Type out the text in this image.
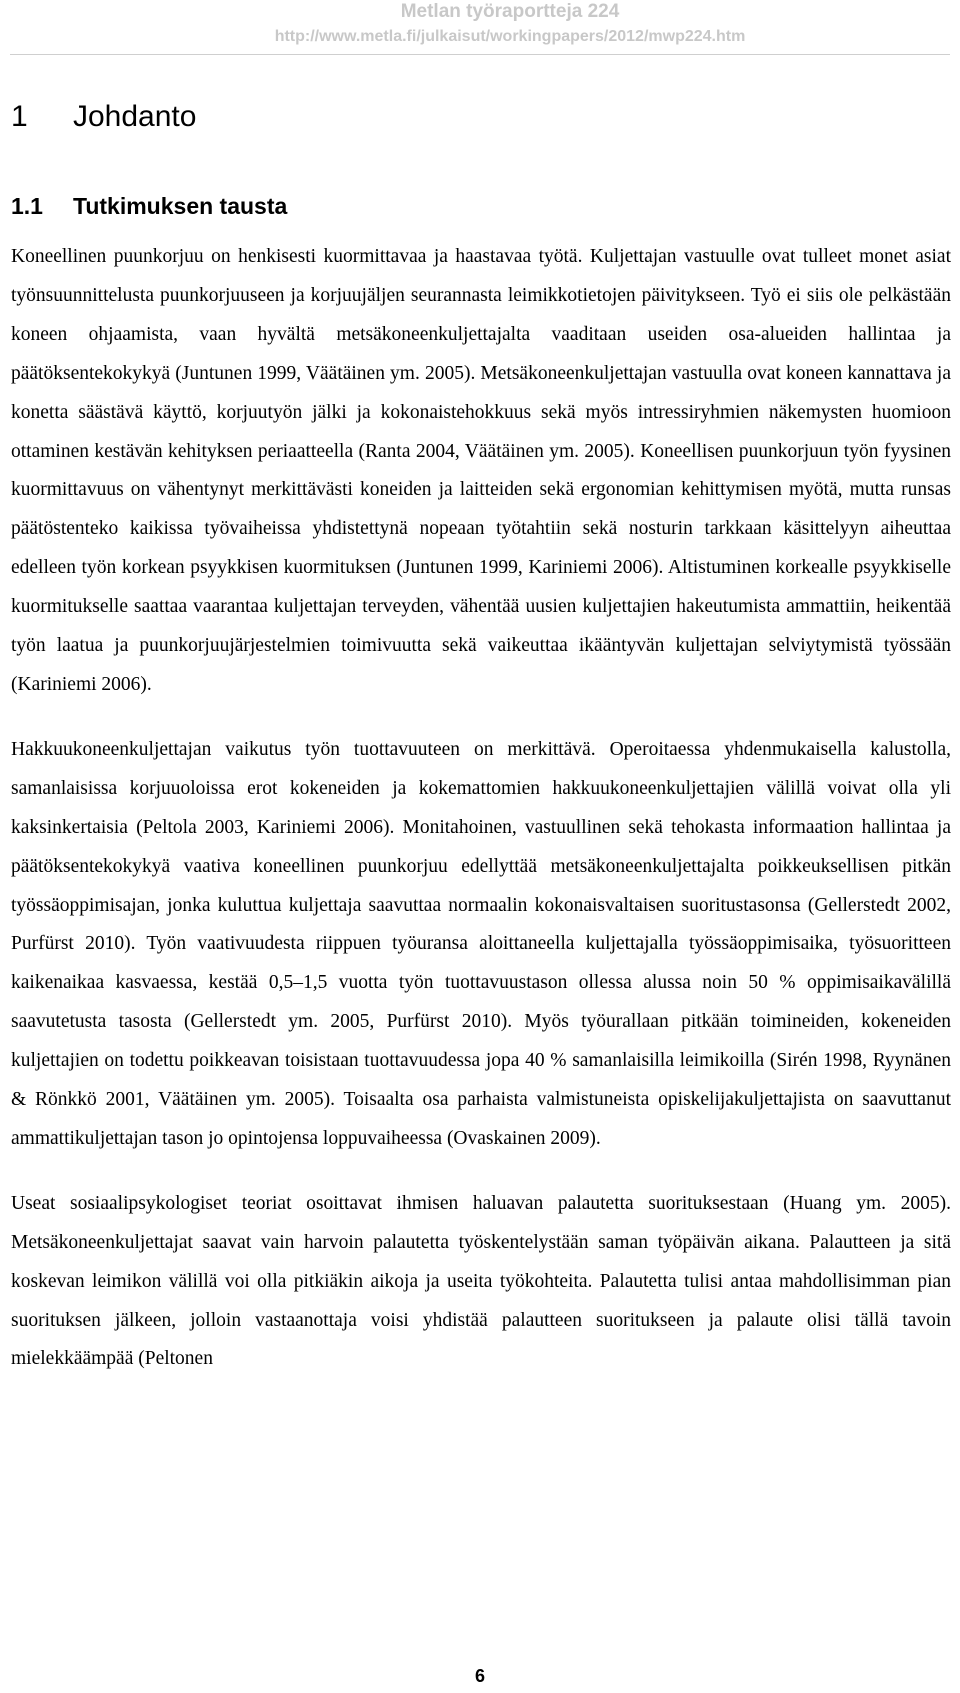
Metlan työraportteja 224
http://www.metla.fi/julkaisut/workingpapers/2012/mwp224.htm
1 Johdanto
1.1 Tutkimuksen tausta

Koneellinen puunkorjuu on henkisesti kuormittavaa ja haastavaa työtä. Kuljettajan vastuulle ovat tulleet monet asiat työnsuunnittelusta puunkorjuuseen ja korjuujäljen seurannasta leimikkotietojen päivitykseen. Työ ei siis ole pelkästään koneen ohjaamista, vaan hyvältä metsäkoneenkuljettajalta vaaditaan useiden osa-alueiden hallintaa ja päätöksentekokykyä (Juntunen 1999, Väätäinen ym. 2005). Metsäkoneenkuljettajan vastuulla ovat koneen kannattava ja konetta säästävä käyttö, korjuutyön jälki ja kokonaistehokkuus sekä myös intressiryhmien näkemysten huomioon ottaminen kestävän kehityksen periaatteella (Ranta 2004, Väätäinen ym. 2005). Koneellisen puunkorjuun työn fyysinen kuormittavuus on vähentynyt merkittävästi koneiden ja laitteiden sekä ergonomian kehittymisen myötä, mutta runsas päätöstenteko kaikissa työvaiheissa yhdistettynä nopeaan työtahtiin sekä nosturin tarkkaan käsittelyyn aiheuttaa edelleen työn korkean psyykkisen kuormituksen (Juntunen 1999, Kariniemi 2006). Altistuminen korkealle psyykkiselle kuormitukselle saattaa vaarantaa kuljettajan terveyden, vähentää uusien kuljettajien hakeutumista ammattiin, heikentää työn laatua ja puunkorjuujärjestelmien toimivuutta sekä vaikeuttaa ikääntyvän kuljettajan selviytymistä työssään (Kariniemi 2006).

Hakkuukoneenkuljettajan vaikutus työn tuottavuuteen on merkittävä. Operoitaessa yhdenmukaisella kalustolla, samanlaisissa korjuuoloissa erot kokeneiden ja kokemattomien hakkuukoneenkuljettajien välillä voivat olla yli kaksinkertaisia (Peltola 2003, Kariniemi 2006). Monitahoinen, vastuullinen sekä tehokasta informaation hallintaa ja päätöksentekokykyä vaativa koneellinen puunkorjuu edellyttää metsäkoneenkuljettajalta poikkeuksellisen pitkän työssäoppimisajan, jonka kuluttua kuljettaja saavuttaa normaalin kokonaisvaltaisen suoritustasonsa (Gellerstedt 2002, Purfürst 2010). Työn vaativuudesta riippuen työuransa aloittaneella kuljettajalla työssäoppimisaika, työsuoritteen kaikenaikaa kasvaessa, kestää 0,5–1,5 vuotta työn tuottavuustason ollessa alussa noin 50 % oppimisaikavälillä saavutetusta tasosta (Gellerstedt ym. 2005, Purfürst 2010). Myös työurallaan pitkään toimineiden, kokeneiden kuljettajien on todettu poikkeavan toisistaan tuottavuudessa jopa 40 % samanlaisilla leimikoilla (Sirén 1998, Ryynänen & Rönkkö 2001, Väätäinen ym. 2005). Toisaalta osa parhaista valmistuneista opiskelijakuljettajista on saavuttanut ammattikuljettajan tason jo opintojensa loppuvaiheessa (Ovaskainen 2009).

Useat sosiaalipsykologiset teoriat osoittavat ihmisen haluavan palautetta suorituksestaan (Huang ym. 2005). Metsäkoneenkuljettajat saavat vain harvoin palautetta työskentelystään saman työpäivän aikana. Palautteen ja sitä koskevan leimikon välillä voi olla pitkiäkin aikoja ja useita työkohteita. Palautetta tulisi antaa mahdollisimman pian suorituksen jälkeen, jolloin vastaanottaja voisi yhdistää palautteen suoritukseen ja palaute olisi tällä tavoin mielekkäämpää (Peltonen

6
